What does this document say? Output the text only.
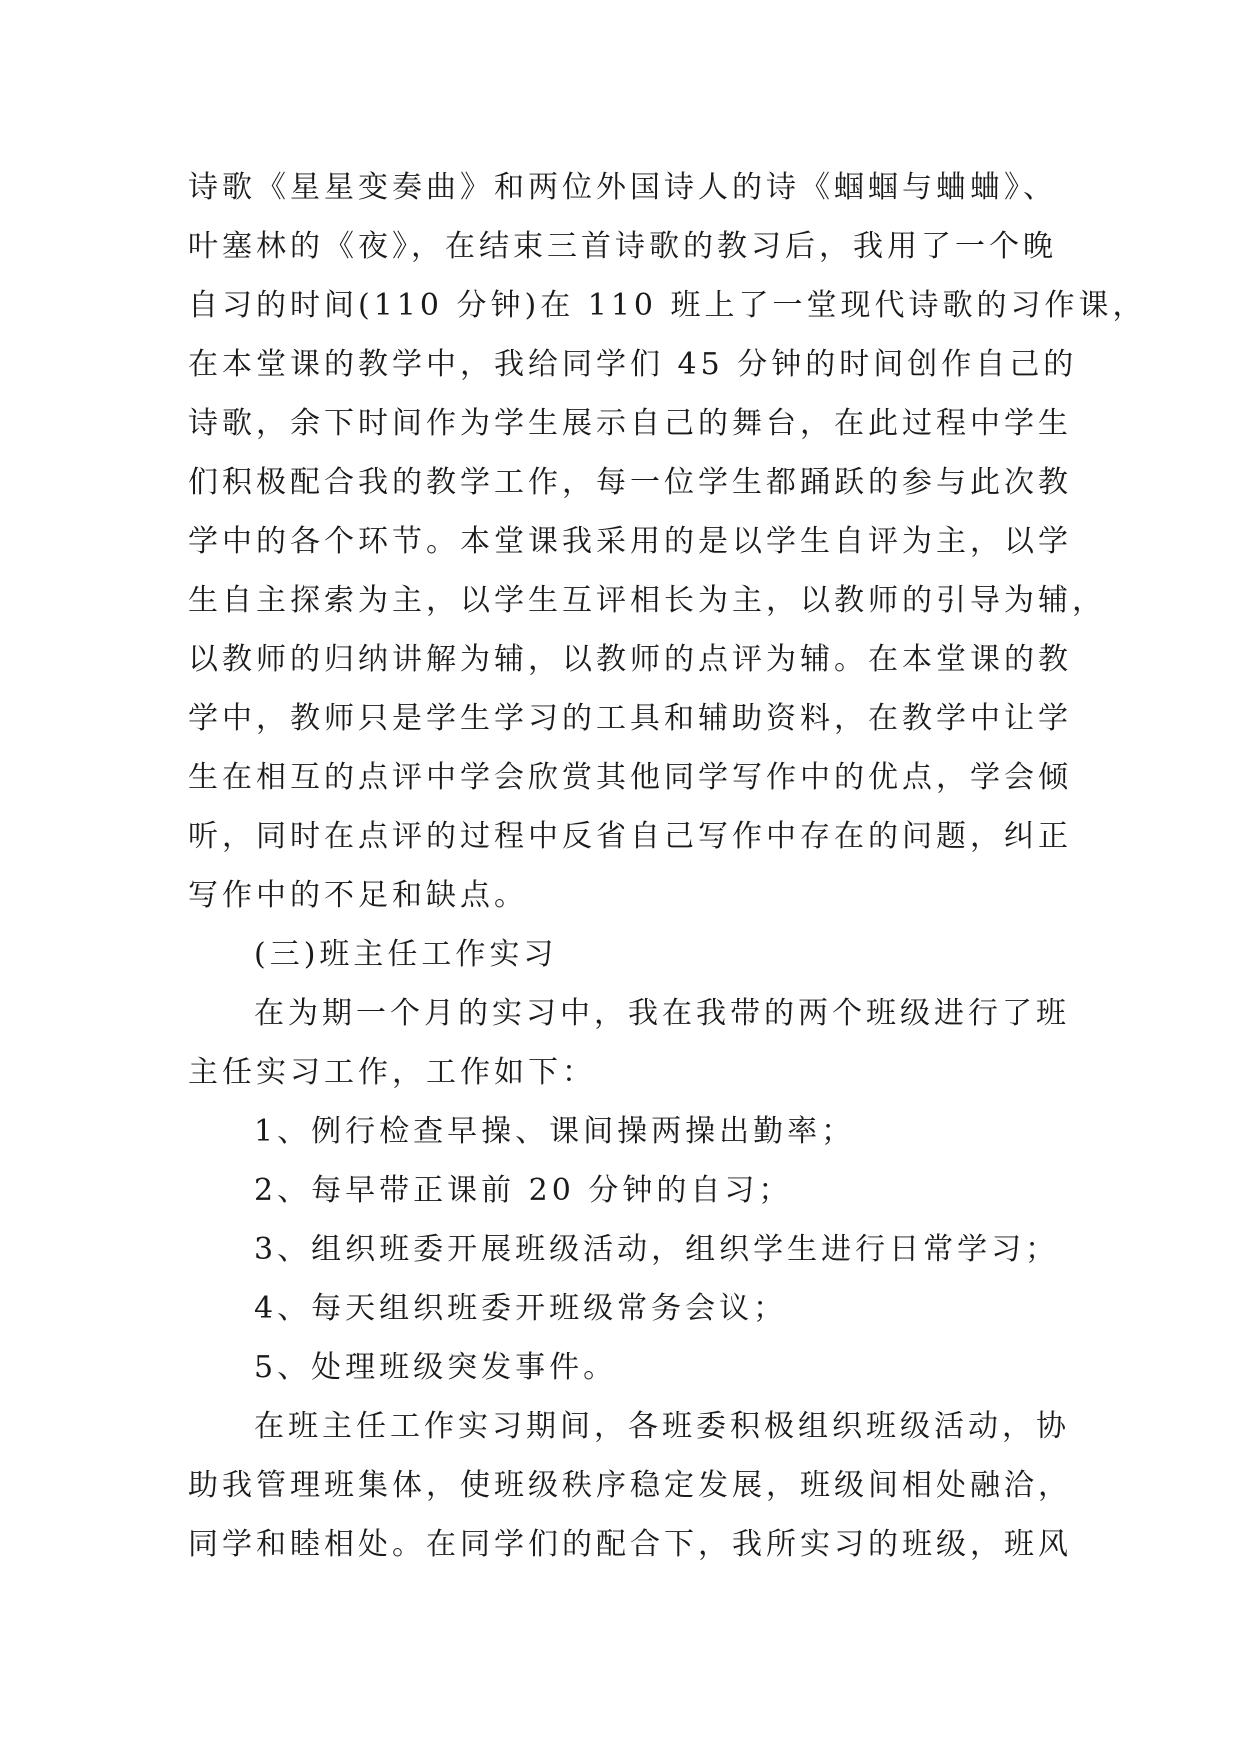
诗歌《星星变奏曲》和两位外国诗人的诗《蝈蝈与蛐蛐》、
叶塞林的《夜》，在结束三首诗歌的教习后，我用了一个晚
自习的时间(110 分钟)在 110 班上了一堂现代诗歌的习作课，
在本堂课的教学中，我给同学们 45 分钟的时间创作自己的
诗歌，余下时间作为学生展示自己的舞台，在此过程中学生
们积极配合我的教学工作，每一位学生都踊跃的参与此次教
学中的各个环节。本堂课我采用的是以学生自评为主，以学
生自主探索为主，以学生互评相长为主，以教师的引导为辅，
以教师的归纳讲解为辅，以教师的点评为辅。在本堂课的教
学中，教师只是学生学习的工具和辅助资料，在教学中让学
生在相互的点评中学会欣赏其他同学写作中的优点，学会倾
听，同时在点评的过程中反省自己写作中存在的问题，纠正
写作中的不足和缺点。
(三)班主任工作实习
在为期一个月的实习中，我在我带的两个班级进行了班
主任实习工作，工作如下：
1、例行检查早操、课间操两操出勤率；
2、每早带正课前 20 分钟的自习；
3、组织班委开展班级活动，组织学生进行日常学习；
4、每天组织班委开班级常务会议；
5、处理班级突发事件。
在班主任工作实习期间，各班委积极组织班级活动，协
助我管理班集体，使班级秩序稳定发展，班级间相处融洽，
同学和睦相处。在同学们的配合下，我所实习的班级，班风
